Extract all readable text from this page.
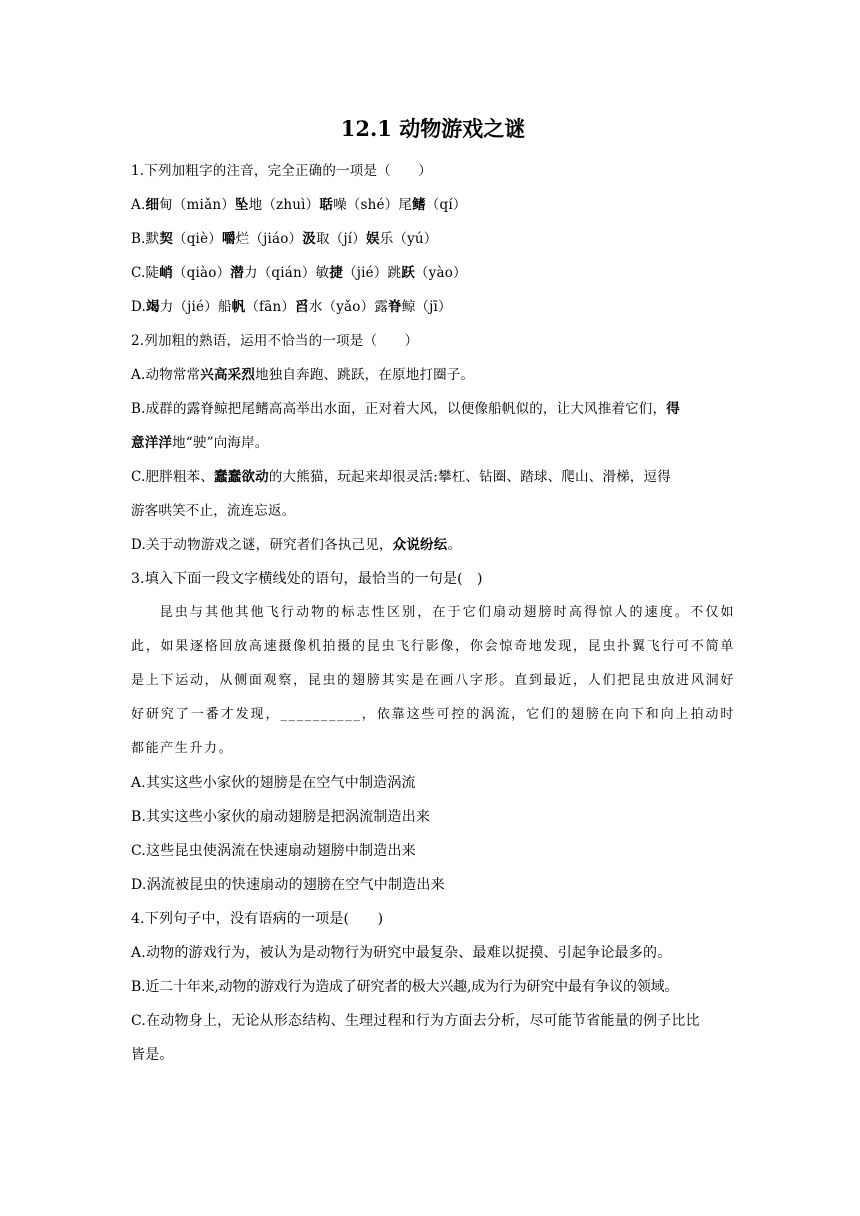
12.1 动物游戏之谜
1.下列加粗字的注音，完全正确的一项是（　　）
A.细甸（miǎn）坠地（zhuì）聒噪（shé）尾鳍（qí）
B.默契（qiè）嚼烂（jiáo）汲取（jí）娱乐（yú）
C.陡峭（qiào）潜力（qián）敏捷（jié）跳跃（yào）
D.竭力（jié）船帆（fān）舀水（yǎo）露脊鲸（jī）
2.列加粗的熟语，运用不恰当的一项是（　　）
A.动物常常兴高采烈地独自奔跑、跳跃，在原地打圈子。
B.成群的露脊鲸把尾鳍高高举出水面，正对着大风，以便像船帆似的，让大风推着它们，得
意洋洋地“驶”向海岸。
C.肥胖粗苯、蠢蠢欲动的大熊猫，玩起来却很灵活:攀杠、钻圈、踏球、爬山、滑梯，逗得
游客哄笑不止，流连忘返。
D.关于动物游戏之谜，研究者们各执己见，众说纷纭。
3.填入下面一段文字横线处的语句，最恰当的一句是(　)
昆虫与其他其他飞行动物的标志性区别，在于它们扇动翅膀时高得惊人的速度。不仅如此，如果逐格回放高速摄像机拍摄的昆虫飞行影像，你会惊奇地发现，昆虫扑翼飞行可不简单是上下运动，从侧面观察，昆虫的翅膀其实是在画八字形。直到最近，人们把昆虫放进风洞好好研究了一番才发现，__________，依靠这些可控的涡流，它们的翅膀在向下和向上拍动时都能产生升力。
A.其实这些小家伙的翅膀是在空气中制造涡流
B.其实这些小家伙的扇动翅膀是把涡流制造出来
C.这些昆虫使涡流在快速扇动翅膀中制造出来
D.涡流被昆虫的快速扇动的翅膀在空气中制造出来
4.下列句子中，没有语病的一项是(　　)
A.动物的游戏行为，被认为是动物行为研究中最复杂、最难以捉摸、引起争论最多的。
B.近二十年来,动物的游戏行为造成了研究者的极大兴趣,成为行为研究中最有争议的领域。
C.在动物身上，无论从形态结构、生理过程和行为方面去分析，尽可能节省能量的例子比比
皆是。
